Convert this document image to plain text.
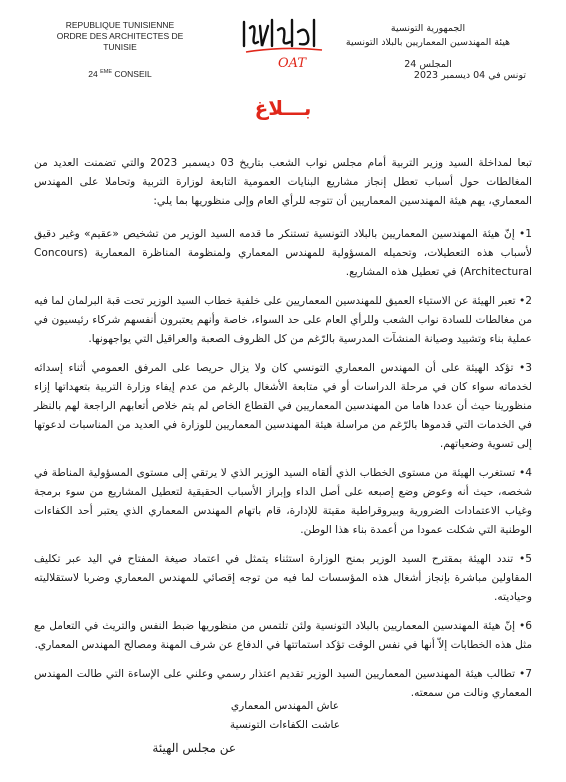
REPUBLIQUE TUNISIENNE
ORDRE DES ARCHITECTES DE TUNISIE
24 $^{EME}$ CONSEIL
OAT
الجمهورية التونسية
هيئة المهندسين المعماريين بالبلاد التونسية
المجلس 24
تونس في 04 ديسمبر 2023
بـــلاغ

تبعا لمداخلة السيد وزير التربية أمام مجلس نواب الشعب بتاريخ 03 ديسمبر 2023 والتي تضمنت العديد من المغالطات حول أسباب تعطل إنجاز مشاريع البنايات العمومية التابعة لوزارة التربية وتحاملا على المهندس المعماري، يهم هيئة المهندسين المعماريين أن تتوجه للرأي العام وإلى منظوريها بما يلي:

1• إنّ هيئة المهندسين المعماريين بالبلاد التونسية تستنكر ما قدمه السيد الوزير من تشخيص «عقيم» وغير دقيق لأسباب هذه التعطيلات، وتحميله المسؤولية للمهندس المعماري ولمنظومة المناظرة المعمارية (Concours Architectural) في تعطيل هذه المشاريع.

2• تعبر الهيئة عن الاستياء العميق للمهندسين المعماريين على خلفية خطاب السيد الوزير تحت قبة البرلمان لما فيه من مغالطات للسادة نواب الشعب وللرأي العام على حد السواء، خاصة وأنهم يعتبرون أنفسهم شركاء رئيسيون في عملية بناء وتشييد وصيانة المنشآت المدرسية بالرّغم من كل الظروف الصعبة والعراقيل التي يواجهونها.

3• تؤكد الهيئة على أن المهندس المعماري التونسي كان ولا يزال حريصا على المرفق العمومي أثناء إسدائه لخدماته سواء كان في مرحلة الدراسات أو في متابعة الأشغال بالرغم من عدم إيفاء وزارة التربية بتعهداتها إزاء منظورينا حيث أن عددا هاما من المهندسين المعماريين في القطاع الخاص لم يتم خلاص أتعابهم الراجعة لهم بالنظر في الخدمات التي قدموها بالرّغم من مراسلة هيئة المهندسين المعماريين للوزارة في العديد من المناسبات لدعوتها إلى تسوية وضعياتهم.

4• تستغرب الهيئة من مستوى الخطاب الذي ألقاه السيد الوزير الذي لا يرتقي إلى مستوى المسؤولية المناطة في شخصه، حيث أنه وعوض وضع إصبعه على أصل الداء وإبراز الأسباب الحقيقية لتعطيل المشاريع من سوء برمجة وغياب الاعتمادات الضرورية وبيروقراطية مقيتة للإدارة، قام باتهام المهندس المعماري الذي يعتبر أحد الكفاءات الوطنية التي شكلت عمودا من أعمدة بناء هذا الوطن.

5• تندد الهيئة بمقترح السيد الوزير بمنح الوزارة استثناء يتمثل في اعتماد صيغة المفتاح في اليد عبر تكليف المقاولين مباشرة بإنجاز أشغال هذه المؤسسات لما فيه من توجه إقصائي للمهندس المعماري وضربا لاستقلاليته وحياديته.

6• إنّ هيئة المهندسين المعماريين بالبلاد التونسية ولئن تلتمس من منظوريها ضبط النفس والتريث في التعامل مع مثل هذه الخطابات إلاّ أنها في نفس الوقت تؤكد استماتتها في الدفاع عن شرف المهنة ومصالح المهندس المعماري.

7• تطالب هيئة المهندسين المعماريين السيد الوزير تقديم اعتذار رسمي وعلني على الإساءة التي طالت المهندس المعماري ونالت من سمعته.

عاش المهندس المعماري
عاشت الكفاءات التونسية
عن مجلس الهيئة
